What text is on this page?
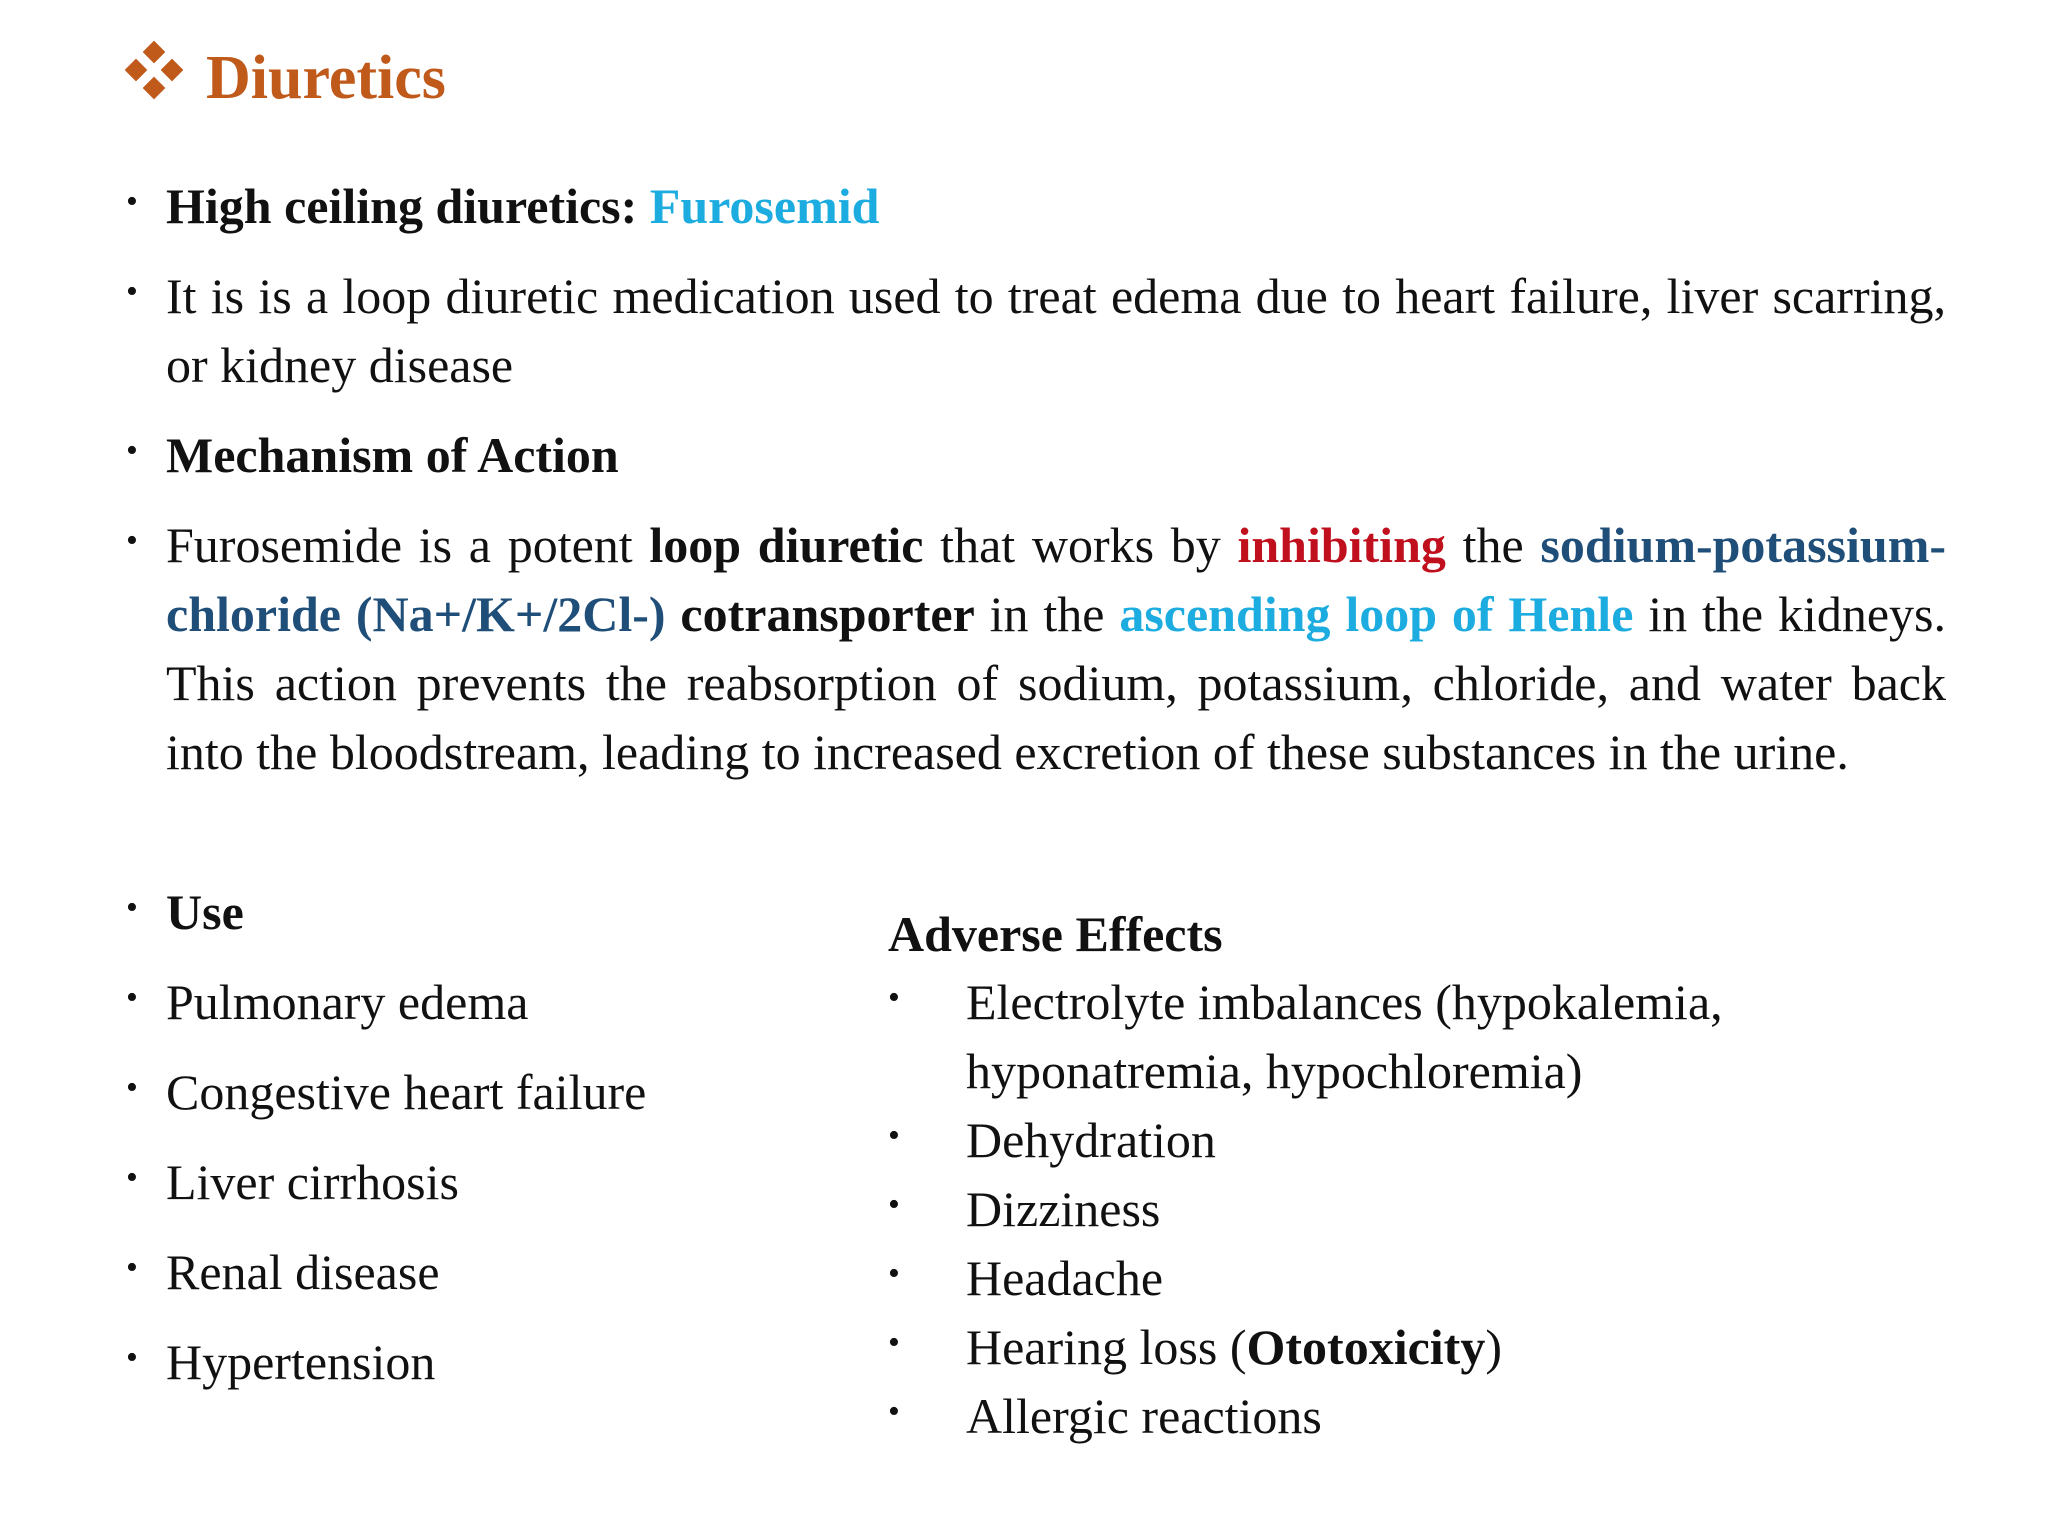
Diuretics
• High ceiling diuretics: Furosemid
• It is is a loop diuretic medication used to treat edema due to heart failure, liver scarring, or kidney disease
• Mechanism of Action
• Furosemide is a potent loop diuretic that works by inhibiting the sodium-potassium-chloride (Na+/K+/2Cl-) cotransporter in the ascending loop of Henle in the kidneys. This action prevents the reabsorption of sodium, potassium, chloride, and water back into the bloodstream, leading to increased excretion of these substances in the urine.
• Use
• Pulmonary edema
• Congestive heart failure
• Liver cirrhosis
• Renal disease
• Hypertension
Adverse Effects
• Electrolyte imbalances (hypokalemia,
hyponatremia, hypochloremia)
• Dehydration
• Dizziness
• Headache
• Hearing loss (Ototoxicity)
• Allergic reactions
